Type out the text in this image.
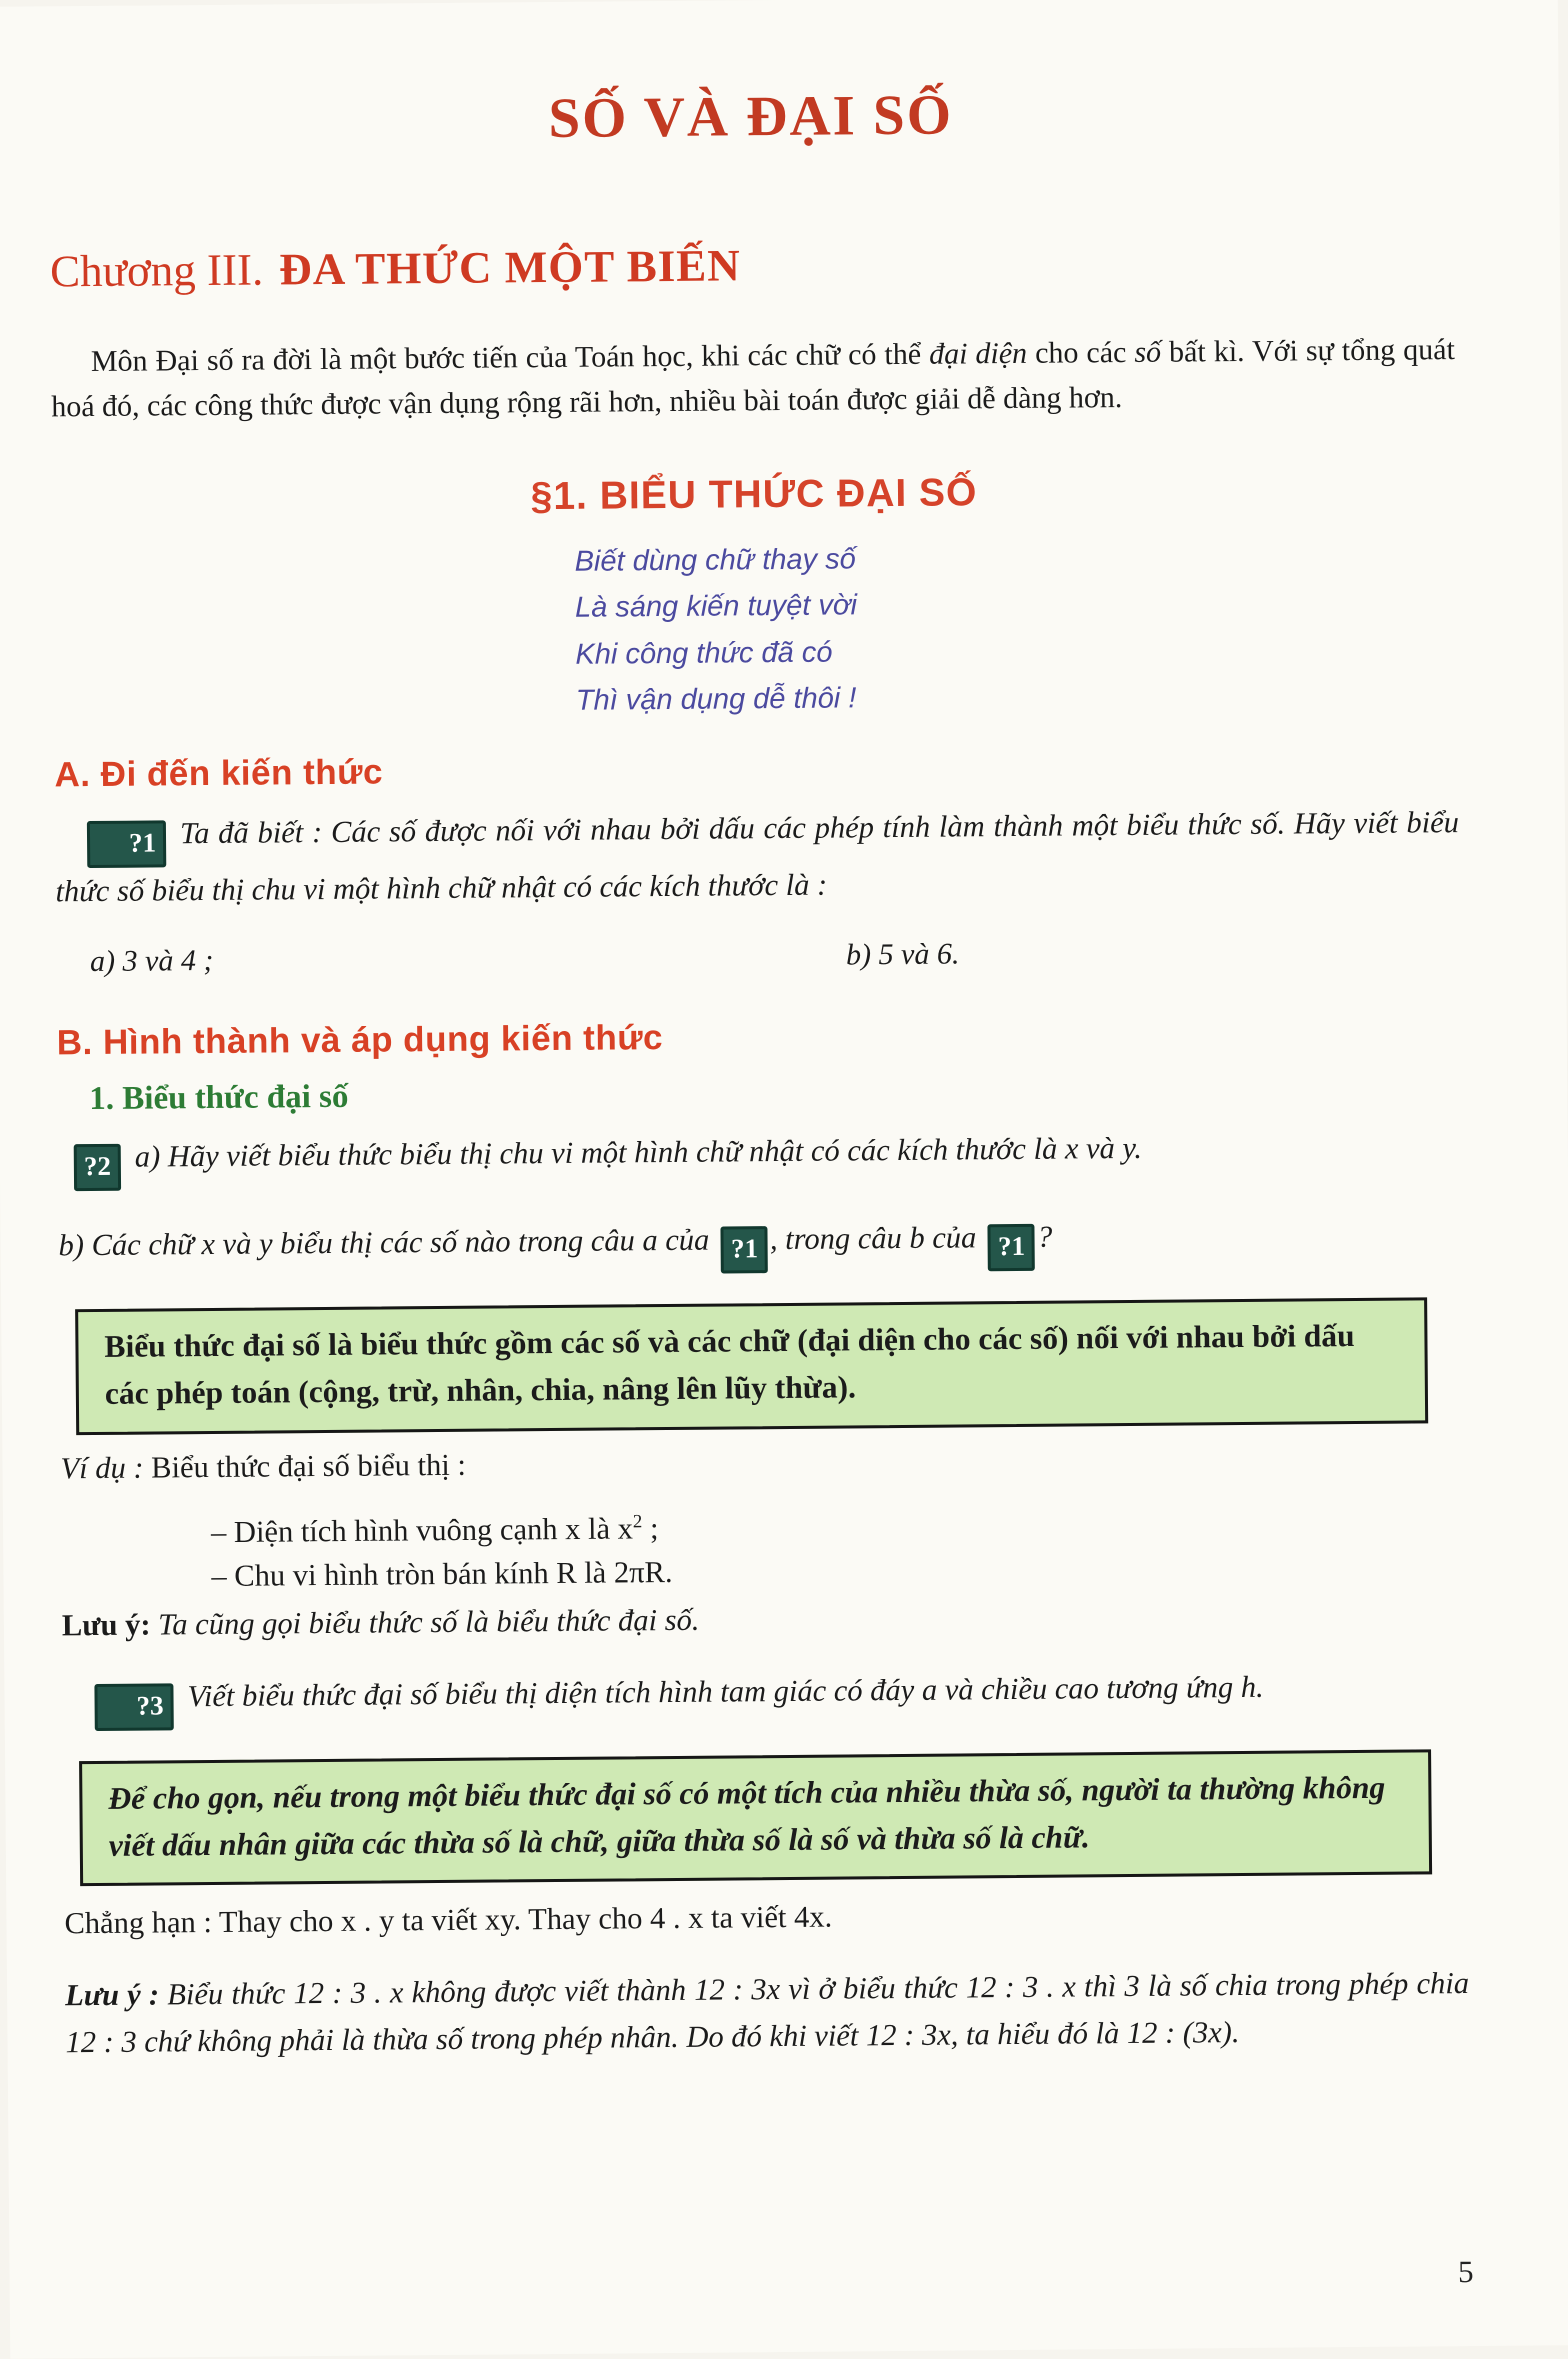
SỐ VÀ ĐẠI SỐ
Chương III. ĐA THỨC MỘT BIẾN

Môn Đại số ra đời là một bước tiến của Toán học, khi các chữ có thể đại diện cho các số bất kì. Với sự tổng quát hoá đó, các công thức được vận dụng rộng rãi hơn, nhiều bài toán được giải dễ dàng hơn.

§1. BIỂU THỨC ĐẠI SỐ
Biết dùng chữ thay số
Là sáng kiến tuyệt vời
Khi công thức đã có
Thì vận dụng dễ thôi !
A. Đi đến kiến thức

?1 Ta đã biết : Các số được nối với nhau bởi dấu các phép tính làm thành một biểu thức số. Hãy viết biểu thức số biểu thị chu vi một hình chữ nhật có các kích thước là :

a) 3 và 4 ;	b) 5 và 6.
B. Hình thành và áp dụng kiến thức
1. Biểu thức đại số

?2 a) Hãy viết biểu thức biểu thị chu vi một hình chữ nhật có các kích thước là x và y.

b) Các chữ x và y biểu thị các số nào trong câu a của ?1 , trong câu b của ?1 ?

Biểu thức đại số là biểu thức gồm các số và các chữ (đại diện cho các số) nối với nhau bởi dấu các phép toán (cộng, trừ, nhân, chia, nâng lên lũy thừa).

Ví dụ : Biểu thức đại số biểu thị :

– Diện tích hình vuông cạnh x là $x^2$ ;
– Chu vi hình tròn bán kính R là 2πR.

Lưu ý: Ta cũng gọi biểu thức số là biểu thức đại số.

?3 Viết biểu thức đại số biểu thị diện tích hình tam giác có đáy a và chiều cao tương ứng h.

Để cho gọn, nếu trong một biểu thức đại số có một tích của nhiều thừa số, người ta thường không viết dấu nhân giữa các thừa số là chữ, giữa thừa số là số và thừa số là chữ.

Chẳng hạn : Thay cho x . y ta viết xy. Thay cho 4 . x ta viết 4x.

Lưu ý : Biểu thức 12 : 3 . x không được viết thành 12 : 3x vì ở biểu thức 12 : 3 . x thì 3 là số chia trong phép chia 12 : 3 chứ không phải là thừa số trong phép nhân. Do đó khi viết 12 : 3x, ta hiểu đó là 12 : (3x).

5
